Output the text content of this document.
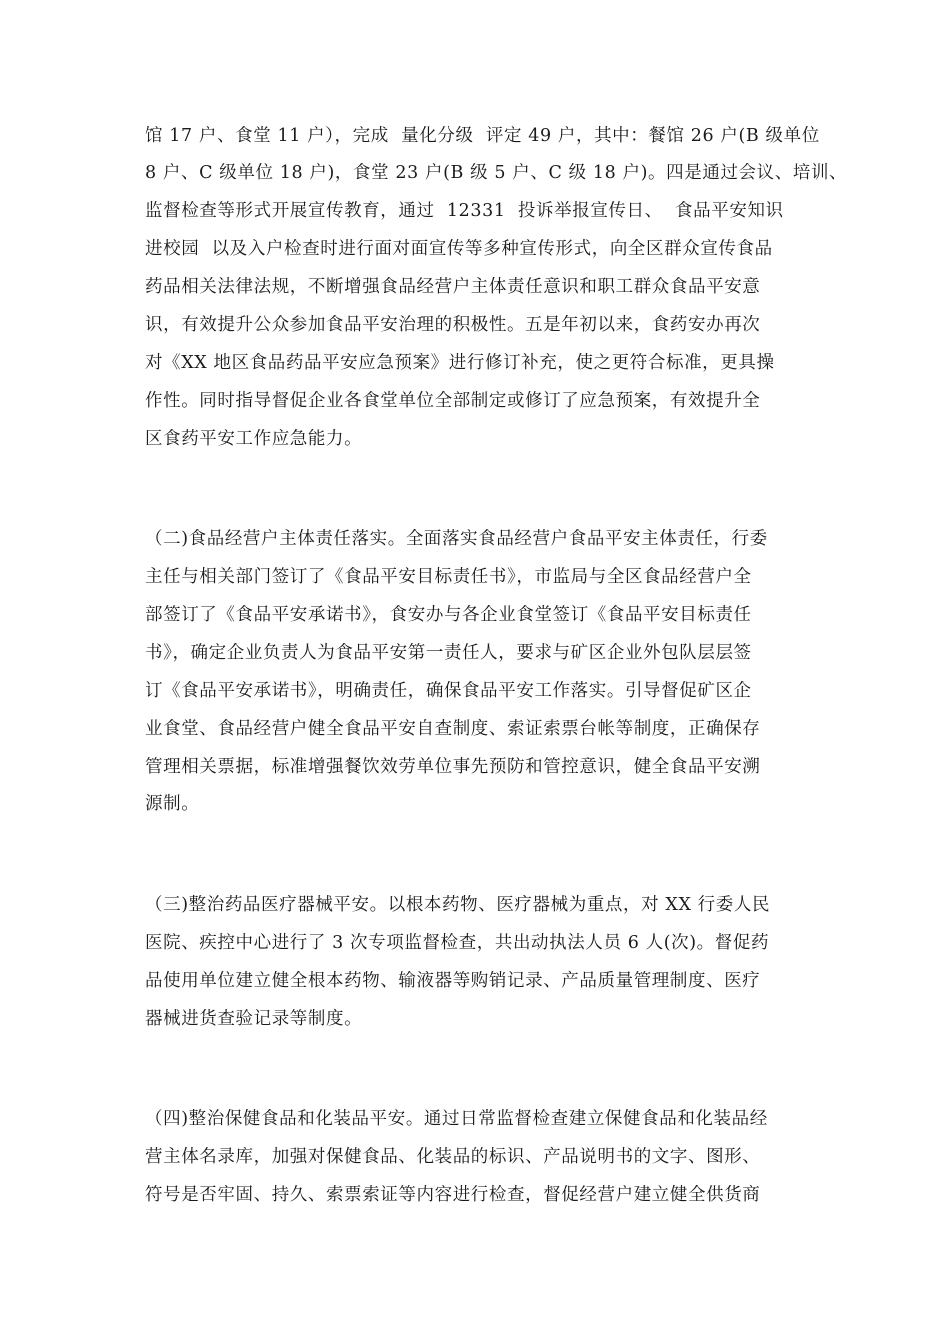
馆 17 户、食堂 11 户），完成  量化分级  评定 49 户，其中：餐馆 26 户(B 级单位
8 户、C 级单位 18 户)，食堂 23 户(B 级 5 户、C 级 18 户)。四是通过会议、培训、
监督检查等形式开展宣传教育，通过  12331  投诉举报宣传日、  食品平安知识
进校园  以及入户检查时进行面对面宣传等多种宣传形式，向全区群众宣传食品
药品相关法律法规，不断增强食品经营户主体责任意识和职工群众食品平安意
识，有效提升公众参加食品平安治理的积极性。五是年初以来，食药安办再次
对《XX 地区食品药品平安应急预案》进行修订补充，使之更符合标准，更具操
作性。同时指导督促企业各食堂单位全部制定或修订了应急预案，有效提升全
区食药平安工作应急能力。
（二)食品经营户主体责任落实。全面落实食品经营户食品平安主体责任，行委
主任与相关部门签订了《食品平安目标责任书》，市监局与全区食品经营户全
部签订了《食品平安承诺书》，食安办与各企业食堂签订《食品平安目标责任
书》，确定企业负责人为食品平安第一责任人，要求与矿区企业外包队层层签
订《食品平安承诺书》，明确责任，确保食品平安工作落实。引导督促矿区企
业食堂、食品经营户健全食品平安自查制度、索证索票台帐等制度，正确保存
管理相关票据，标准增强餐饮效劳单位事先预防和管控意识，健全食品平安溯
源制。
（三)整治药品医疗器械平安。以根本药物、医疗器械为重点，对 XX 行委人民
医院、疾控中心进行了 3 次专项监督检查，共出动执法人员 6 人(次)。督促药
品使用单位建立健全根本药物、输液器等购销记录、产品质量管理制度、医疗
器械进货查验记录等制度。
（四)整治保健食品和化装品平安。通过日常监督检查建立保健食品和化装品经
营主体名录库，加强对保健食品、化装品的标识、产品说明书的文字、图形、
符号是否牢固、持久、索票索证等内容进行检查，督促经营户建立健全供货商
